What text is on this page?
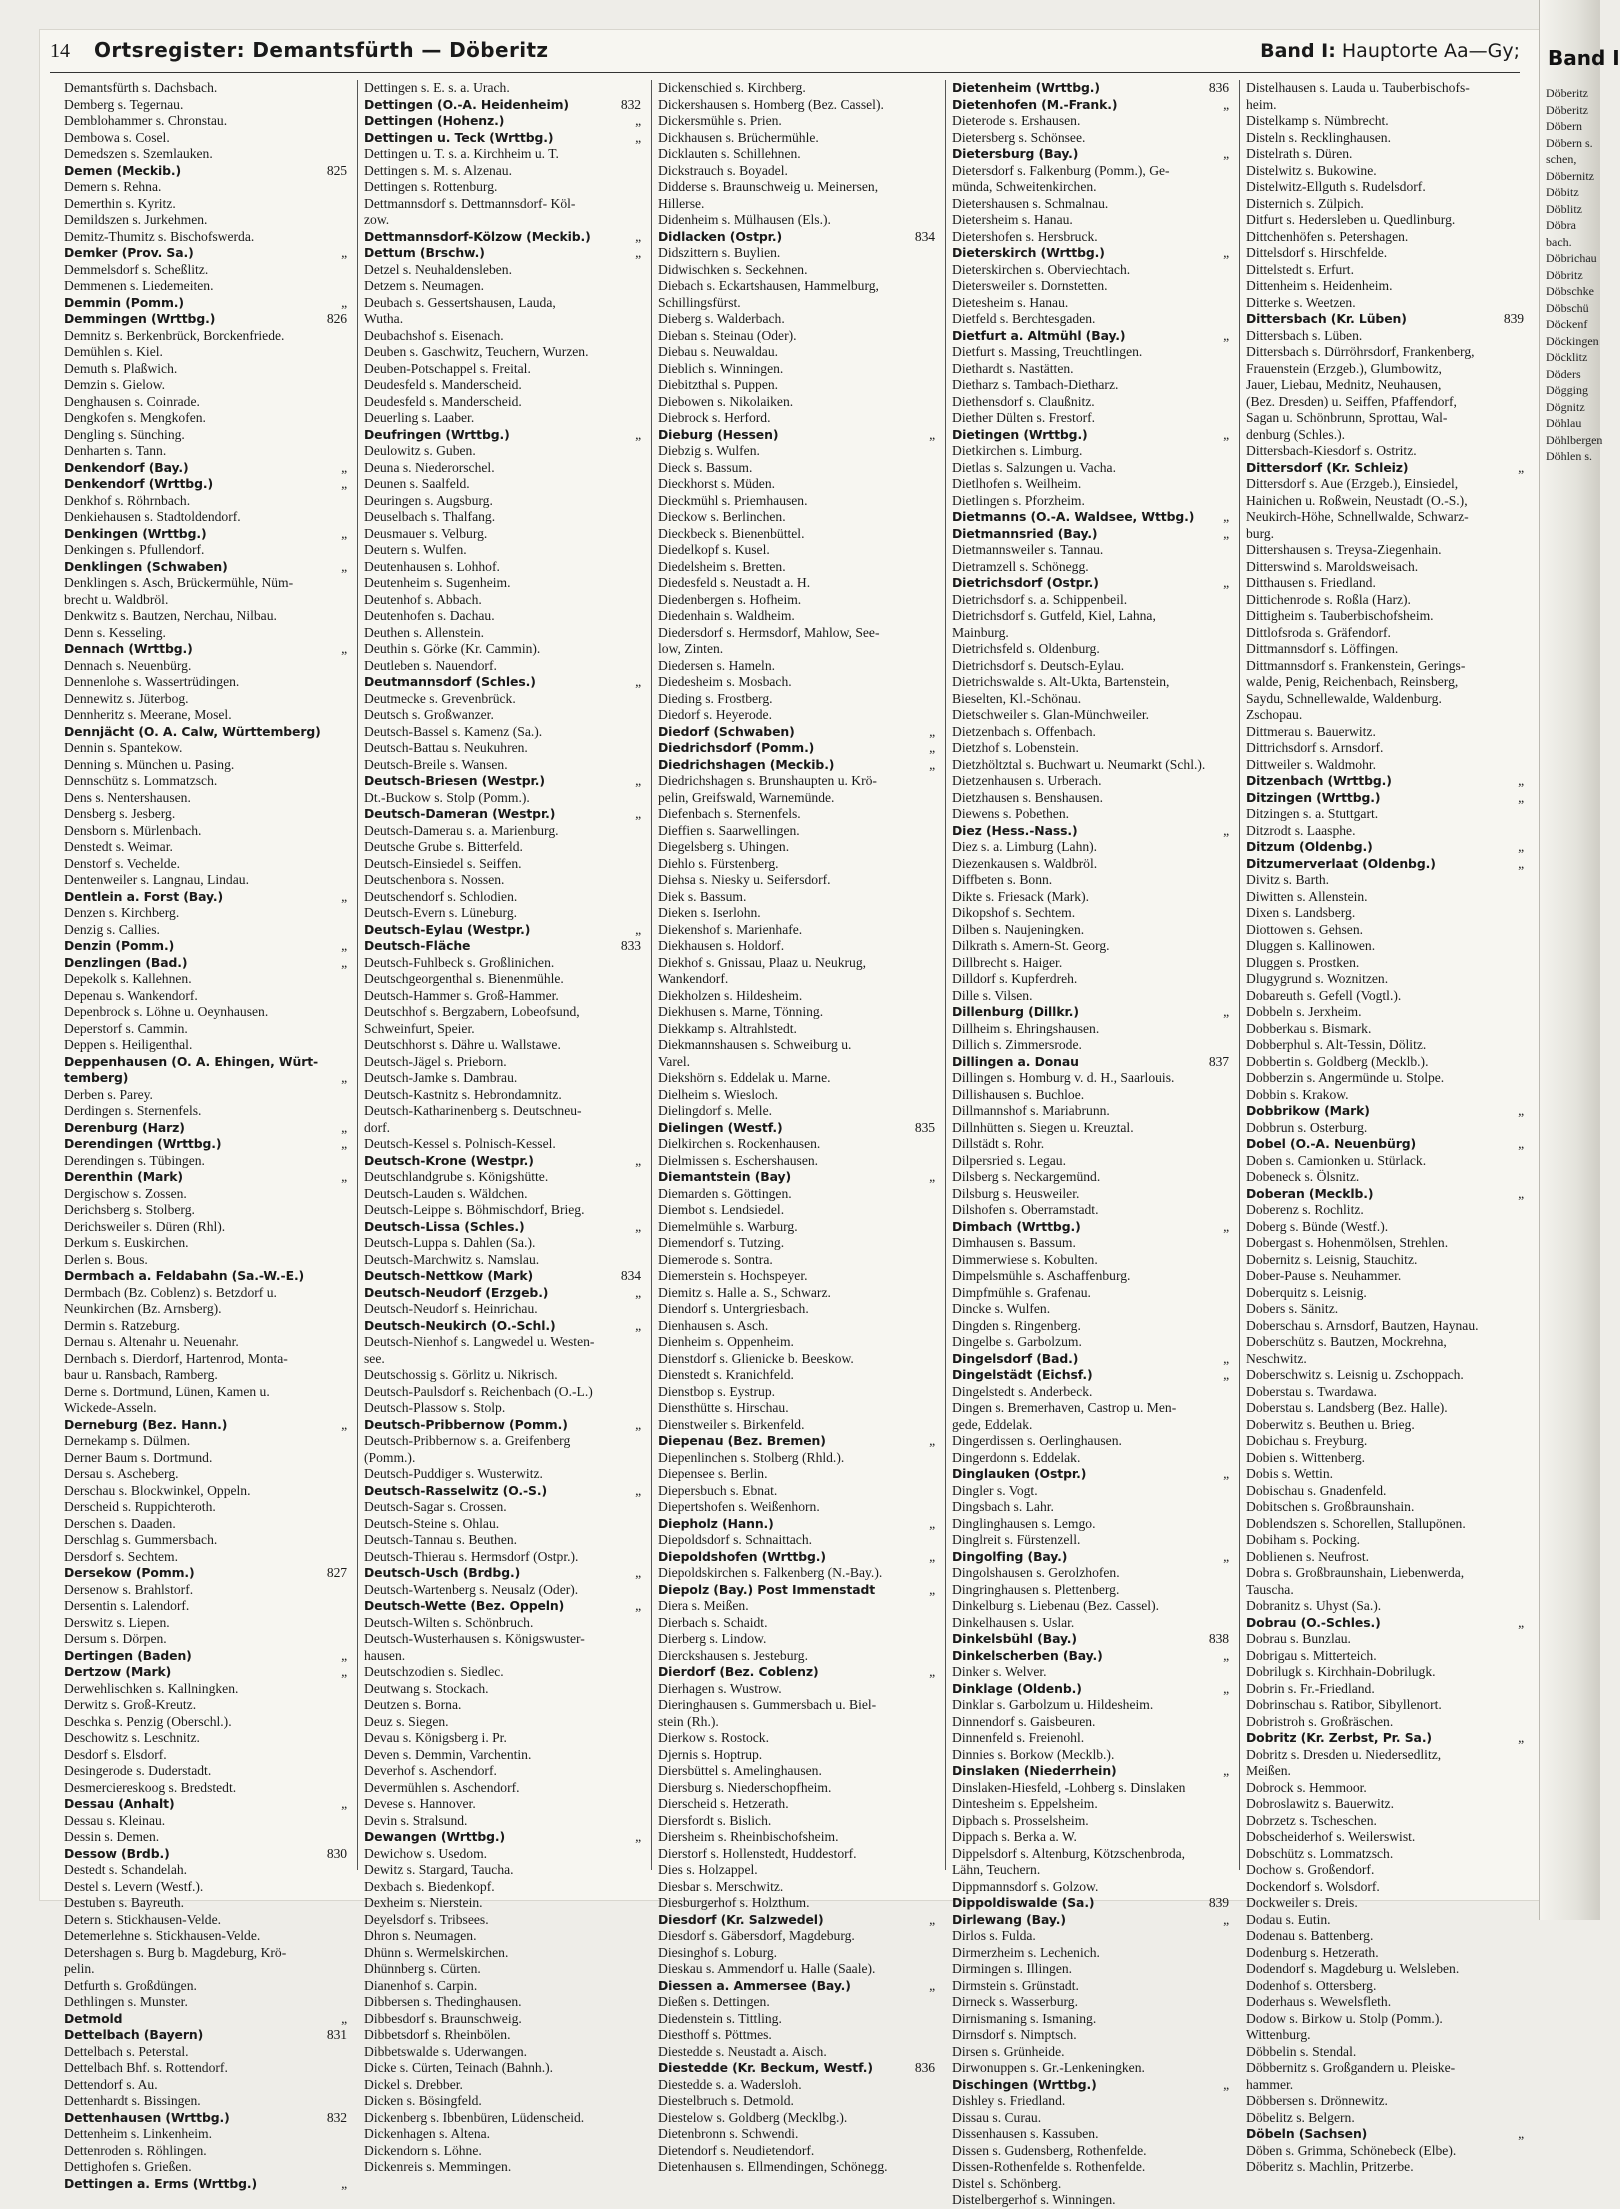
Band I
Döberitz
Döberitz
Döbern
Döbern s.
schen,
Döbernitz
Döbitz
Döblitz
Döbra
bach.
Döbrichau
Döbritz
Döbschke
Döbschü
Döckenf
Döckingen
Döcklitz
Döders
Dögging
Dögnitz
Döhlau
Döhlbergen
Döhlen s.
14	Ortsregister: Demantsfürth — Döberitz	Band I: Hauptorte Aa—Gy;
Demantsfürth s. Dachsbach.
Demberg s. Tegernau.
Demblohammer s. Chronstau.
Dembowa s. Cosel.
Demedszen s. Szemlauken.
825
Demen (Meckib.)
Demern s. Rehna.
Demerthin s. Kyritz.
Demildszen s. Jurkehmen.
Demitz-Thumitz s. Bischofswerda.
„
Demker (Prov. Sa.)
Demmelsdorf s. Scheßlitz.
Demmenen s. Liedemeiten.
„
Demmin (Pomm.)
826
Demmingen (Wrttbg.)
Demnitz s. Berkenbrück, Borckenfriede.
Demühlen s. Kiel.
Demuth s. Plaßwich.
Demzin s. Gielow.
Denghausen s. Coinrade.
Dengkofen s. Mengkofen.
Dengling s. Sünching.
Denharten s. Tann.
„
Denkendorf (Bay.)
„
Denkendorf (Wrttbg.)
Denkhof s. Röhrnbach.
Denkiehausen s. Stadtoldendorf.
„
Denkingen (Wrttbg.)
Denkingen s. Pfullendorf.
„
Denklingen (Schwaben)
Denklingen s. Asch, Brückermühle, Nüm-
brecht u. Waldbröl.
Denkwitz s. Bautzen, Nerchau, Nilbau.
Denn s. Kesseling.
„
Dennach (Wrttbg.)
Dennach s. Neuenbürg.
Dennenlohe s. Wassertrüdingen.
Dennewitz s. Jüterbog.
Dennheritz s. Meerane, Mosel.
Dennjächt (O. A. Calw, Württemberg)
Dennin s. Spantekow.
Denning s. München u. Pasing.
Dennschütz s. Lommatzsch.
Dens s. Nentershausen.
Densberg s. Jesberg.
Densborn s. Mürlenbach.
Denstedt s. Weimar.
Denstorf s. Vechelde.
Dentenweiler s. Langnau, Lindau.
„
Dentlein a. Forst (Bay.)
Denzen s. Kirchberg.
Denzig s. Callies.
„
Denzin (Pomm.)
„
Denzlingen (Bad.)
Depekolk s. Kallehnen.
Depenau s. Wankendorf.
Depenbrock s. Löhne u. Oeynhausen.
Deperstorf s. Cammin.
Deppen s. Heiligenthal.
Deppenhausen (O. A. Ehingen, Würt-
„
temberg)
Derben s. Parey.
Derdingen s. Sternenfels.
„
Derenburg (Harz)
„
Derendingen (Wrttbg.)
Derendingen s. Tübingen.
„
Derenthin (Mark)
Dergischow s. Zossen.
Derichsberg s. Stolberg.
Derichsweiler s. Düren (Rhl).
Derkum s. Euskirchen.
Derlen s. Bous.
Dermbach a. Feldabahn (Sa.-W.-E.)
Dermbach (Bz. Coblenz) s. Betzdorf u.
Neunkirchen (Bz. Arnsberg).
Dermin s. Ratzeburg.
Dernau s. Altenahr u. Neuenahr.
Dernbach s. Dierdorf, Hartenrod, Monta-
baur u. Ransbach, Ramberg.
Derne s. Dortmund, Lünen, Kamen u.
Wickede-Asseln.
„
Derneburg (Bez. Hann.)
Dernekamp s. Dülmen.
Derner Baum s. Dortmund.
Dersau s. Ascheberg.
Derschau s. Blockwinkel, Oppeln.
Derscheid s. Ruppichteroth.
Derschen s. Daaden.
Derschlag s. Gummersbach.
Dersdorf s. Sechtem.
827
Dersekow (Pomm.)
Dersenow s. Brahlstorf.
Dersentin s. Lalendorf.
Derswitz s. Liepen.
Dersum s. Dörpen.
„
Dertingen (Baden)
„
Dertzow (Mark)
Derwehlischken s. Kallningken.
Derwitz s. Groß-Kreutz.
Deschka s. Penzig (Oberschl.).
Deschowitz s. Leschnitz.
Desdorf s. Elsdorf.
Desingerode s. Duderstadt.
Desmerciereskoog s. Bredstedt.
„
Dessau (Anhalt)
Dessau s. Kleinau.
Dessin s. Demen.
830
Dessow (Brdb.)
Destedt s. Schandelah.
Destel s. Levern (Westf.).
Destuben s. Bayreuth.
Detern s. Stickhausen-Velde.
Detemerlehne s. Stickhausen-Velde.
Detershagen s. Burg b. Magdeburg, Krö-
pelin.
Detfurth s. Großdüngen.
Dethlingen s. Munster.
„
Detmold
831
Dettelbach (Bayern)
Dettelbach s. Peterstal.
Dettelbach Bhf. s. Rottendorf.
Dettendorf s. Au.
Dettenhardt s. Bissingen.
832
Dettenhausen (Wrttbg.)
Dettenheim s. Linkenheim.
Dettenroden s. Röhlingen.
Dettighofen s. Grießen.
„
Dettingen a. Erms (Wrttbg.)
Dettingen s. E. s. a. Urach.
832
Dettingen (O.-A. Heidenheim)
„
Dettingen (Hohenz.)
„
Dettingen u. Teck (Wrttbg.)
Dettingen u. T. s. a. Kirchheim u. T.
Dettingen s. M. s. Alzenau.
Dettingen s. Rottenburg.
Dettmannsdorf s. Dettmannsdorf- Köl-
zow.
„
Dettmannsdorf-Kölzow (Meckib.)
„
Dettum (Brschw.)
Detzel s. Neuhaldensleben.
Detzem s. Neumagen.
Deubach s. Gessertshausen, Lauda,
Wutha.
Deubachshof s. Eisenach.
Deuben s. Gaschwitz, Teuchern, Wurzen.
Deuben-Potschappel s. Freital.
Deudesfeld s. Manderscheid.
Deudesfeld s. Manderscheid.
Deuerling s. Laaber.
„
Deufringen (Wrttbg.)
Deulowitz s. Guben.
Deuna s. Niederorschel.
Deunen s. Saalfeld.
Deuringen s. Augsburg.
Deuselbach s. Thalfang.
Deusmauer s. Velburg.
Deutern s. Wulfen.
Deutenhausen s. Lohhof.
Deutenheim s. Sugenheim.
Deutenhof s. Abbach.
Deutenhofen s. Dachau.
Deuthen s. Allenstein.
Deuthin s. Görke (Kr. Cammin).
Deutleben s. Nauendorf.
„
Deutmannsdorf (Schles.)
Deutmecke s. Grevenbrück.
Deutsch s. Großwanzer.
Deutsch-Bassel s. Kamenz (Sa.).
Deutsch-Battau s. Neukuhren.
Deutsch-Breile s. Wansen.
„
Deutsch-Briesen (Westpr.)
Dt.-Buckow s. Stolp (Pomm.).
„
Deutsch-Dameran (Westpr.)
Deutsch-Damerau s. a. Marienburg.
Deutsche Grube s. Bitterfeld.
Deutsch-Einsiedel s. Seiffen.
Deutschenbora s. Nossen.
Deutschendorf s. Schlodien.
Deutsch-Evern s. Lüneburg.
„
Deutsch-Eylau (Westpr.)
833
Deutsch-Fläche
Deutsch-Fuhlbeck s. Großlinichen.
Deutschgeorgenthal s. Bienenmühle.
Deutsch-Hammer s. Groß-Hammer.
Deutschhof s. Bergzabern, Lobeofsund,
Schweinfurt, Speier.
Deutschhorst s. Dähre u. Wallstawe.
Deutsch-Jägel s. Prieborn.
Deutsch-Jamke s. Dambrau.
Deutsch-Kastnitz s. Hebrondamnitz.
Deutsch-Katharinenberg s. Deutschneu-
dorf.
Deutsch-Kessel s. Polnisch-Kessel.
„
Deutsch-Krone (Westpr.)
Deutschlandgrube s. Königshütte.
Deutsch-Lauden s. Wäldchen.
Deutsch-Leippe s. Böhmischdorf, Brieg.
„
Deutsch-Lissa (Schles.)
Deutsch-Luppa s. Dahlen (Sa.).
Deutsch-Marchwitz s. Namslau.
834
Deutsch-Nettkow (Mark)
„
Deutsch-Neudorf (Erzgeb.)
Deutsch-Neudorf s. Heinrichau.
„
Deutsch-Neukirch (O.-Schl.)
Deutsch-Nienhof s. Langwedel u. Westen-
see.
Deutschossig s. Görlitz u. Nikrisch.
Deutsch-Paulsdorf s. Reichenbach (O.-L.)
Deutsch-Plassow s. Stolp.
„
Deutsch-Pribbernow (Pomm.)
Deutsch-Pribbernow s. a. Greifenberg
(Pomm.).
Deutsch-Puddiger s. Wusterwitz.
„
Deutsch-Rasselwitz (O.-S.)
Deutsch-Sagar s. Crossen.
Deutsch-Steine s. Ohlau.
Deutsch-Tannau s. Beuthen.
Deutsch-Thierau s. Hermsdorf (Ostpr.).
„
Deutsch-Usch (Brdbg.)
Deutsch-Wartenberg s. Neusalz (Oder).
„
Deutsch-Wette (Bez. Oppeln)
Deutsch-Wilten s. Schönbruch.
Deutsch-Wusterhausen s. Königswuster-
hausen.
Deutschzodien s. Siedlec.
Deutwang s. Stockach.
Deutzen s. Borna.
Deuz s. Siegen.
Devau s. Königsberg i. Pr.
Deven s. Demmin, Varchentin.
Deverhof s. Aschendorf.
Devermühlen s. Aschendorf.
Devese s. Hannover.
Devin s. Stralsund.
„
Dewangen (Wrttbg.)
Dewichow s. Usedom.
Dewitz s. Stargard, Taucha.
Dexbach s. Biedenkopf.
Dexheim s. Nierstein.
Deyelsdorf s. Tribsees.
Dhron s. Neumagen.
Dhünn s. Wermelskirchen.
Dhünnberg s. Cürten.
Dianenhof s. Carpin.
Dibbersen s. Thedinghausen.
Dibbesdorf s. Braunschweig.
Dibbetsdorf s. Rheinbölen.
Dibbetswalde s. Uderwangen.
Dicke s. Cürten, Teinach (Bahnh.).
Dickel s. Drebber.
Dicken s. Bösingfeld.
Dickenberg s. Ibbenbüren, Lüdenscheid.
Dickenhagen s. Altena.
Dickendorn s. Löhne.
Dickenreis s. Memmingen.
Dickenschied s. Kirchberg.
Dickershausen s. Homberg (Bez. Cassel).
Dickersmühle s. Prien.
Dickhausen s. Brüchermühle.
Dicklauten s. Schillehnen.
Dickstrauch s. Boyadel.
Didderse s. Braunschweig u. Meinersen,
Hillerse.
Didenheim s. Mülhausen (Els.).
834
Didlacken (Ostpr.)
Didszittern s. Buylien.
Didwischken s. Seckehnen.
Diebach s. Eckartshausen, Hammelburg,
Schillingsfürst.
Dieberg s. Walderbach.
Dieban s. Steinau (Oder).
Diebau s. Neuwaldau.
Dieblich s. Winningen.
Diebitzthal s. Puppen.
Diebowen s. Nikolaiken.
Diebrock s. Herford.
„
Dieburg (Hessen)
Diebzig s. Wulfen.
Dieck s. Bassum.
Dieckhorst s. Müden.
Dieckmühl s. Priemhausen.
Dieckow s. Berlinchen.
Dieckbeck s. Bienenbüttel.
Diedelkopf s. Kusel.
Diedelsheim s. Bretten.
Diedesfeld s. Neustadt a. H.
Diedenbergen s. Hofheim.
Diedenhain s. Waldheim.
Diedersdorf s. Hermsdorf, Mahlow, See-
low, Zinten.
Diedersen s. Hameln.
Diedesheim s. Mosbach.
Dieding s. Frostberg.
Diedorf s. Heyerode.
„
Diedorf (Schwaben)
„
Diedrichsdorf (Pomm.)
„
Diedrichshagen (Meckib.)
Diedrichshagen s. Brunshaupten u. Krö-
pelin, Greifswald, Warnemünde.
Diefenbach s. Sternenfels.
Dieffien s. Saarwellingen.
Diegelsberg s. Uhingen.
Diehlo s. Fürstenberg.
Diehsa s. Niesky u. Seifersdorf.
Diek s. Bassum.
Dieken s. Iserlohn.
Diekenshof s. Marienhafe.
Diekhausen s. Holdorf.
Diekhof s. Gnissau, Plaaz u. Neukrug,
Wankendorf.
Diekholzen s. Hildesheim.
Diekhusen s. Marne, Tönning.
Diekkamp s. Altrahlstedt.
Diekmannshausen s. Schweiburg u.
Varel.
Diekshörn s. Eddelak u. Marne.
Dielheim s. Wiesloch.
Dielingdorf s. Melle.
835
Dielingen (Westf.)
Dielkirchen s. Rockenhausen.
Dielmissen s. Eschershausen.
„
Diemantstein (Bay)
Diemarden s. Göttingen.
Diembot s. Lendsiedel.
Diemelmühle s. Warburg.
Diemendorf s. Tutzing.
Diemerode s. Sontra.
Diemerstein s. Hochspeyer.
Diemitz s. Halle a. S., Schwarz.
Diendorf s. Untergriesbach.
Dienhausen s. Asch.
Dienheim s. Oppenheim.
Dienstdorf s. Glienicke b. Beeskow.
Dienstedt s. Kranichfeld.
Dienstbop s. Eystrup.
Diensthütte s. Hirschau.
Dienstweiler s. Birkenfeld.
„
Diepenau (Bez. Bremen)
Diepenlinchen s. Stolberg (Rhld.).
Diepensee s. Berlin.
Diepersbuch s. Ebnat.
Diepertshofen s. Weißenhorn.
„
Diepholz (Hann.)
Diepoldsdorf s. Schnaittach.
„
Diepoldshofen (Wrttbg.)
Diepoldskirchen s. Falkenberg (N.-Bay.).
„
Diepolz (Bay.) Post Immenstadt
Diera s. Meißen.
Dierbach s. Schaidt.
Dierberg s. Lindow.
Dierckshausen s. Jesteburg.
„
Dierdorf (Bez. Coblenz)
Dierhagen s. Wustrow.
Dieringhausen s. Gummersbach u. Biel-
stein (Rh.).
Dierkow s. Rostock.
Djernis s. Hoptrup.
Diersbüttel s. Amelinghausen.
Diersburg s. Niederschopfheim.
Dierscheid s. Hetzerath.
Diersfordt s. Bislich.
Diersheim s. Rheinbischofsheim.
Dierstorf s. Hollenstedt, Huddestorf.
Dies s. Holzappel.
Diesbar s. Merschwitz.
Diesburgerhof s. Holzthum.
„
Diesdorf (Kr. Salzwedel)
Diesdorf s. Gäbersdorf, Magdeburg.
Diesinghof s. Loburg.
Dieskau s. Ammendorf u. Halle (Saale).
„
Diessen a. Ammersee (Bay.)
Dießen s. Dettingen.
Diedenstein s. Tittling.
Diesthoff s. Pöttmes.
Diestedde s. Neustadt a. Aisch.
836
Diestedde (Kr. Beckum, Westf.)
Diestedde s. a. Wadersloh.
Diestelbruch s. Detmold.
Diestelow s. Goldberg (Mecklbg.).
Dietenbronn s. Schwendi.
Dietendorf s. Neudietendorf.
Dietenhausen s. Ellmendingen, Schönegg.
836
Dietenheim (Wrttbg.)
„
Dietenhofen (M.-Frank.)
Dieterode s. Ershausen.
Dietersberg s. Schönsee.
„
Dietersburg (Bay.)
Dietersdorf s. Falkenburg (Pomm.), Ge-
münda, Schweitenkirchen.
Dietershausen s. Schmalnau.
Dietersheim s. Hanau.
Dietershofen s. Hersbruck.
„
Dieterskirch (Wrttbg.)
Dieterskirchen s. Oberviechtach.
Dietersweiler s. Dornstetten.
Dietesheim s. Hanau.
Dietfeld s. Berchtesgaden.
„
Dietfurt a. Altmühl (Bay.)
Dietfurt s. Massing, Treuchtlingen.
Diethardt s. Nastätten.
Dietharz s. Tambach-Dietharz.
Diethensdorf s. Claußnitz.
Diether Dülten s. Frestorf.
„
Dietingen (Wrttbg.)
Dietkirchen s. Limburg.
Dietlas s. Salzungen u. Vacha.
Dietlhofen s. Weilheim.
Dietlingen s. Pforzheim.
„
Dietmanns (O.-A. Waldsee, Wttbg.)
„
Dietmannsried (Bay.)
Dietmannsweiler s. Tannau.
Dietramzell s. Schönegg.
„
Dietrichsdorf (Ostpr.)
Dietrichsdorf s. a. Schippenbeil.
Dietrichsdorf s. Gutfeld, Kiel, Lahna,
Mainburg.
Dietrichsfeld s. Oldenburg.
Dietrichsdorf s. Deutsch-Eylau.
Dietrichswalde s. Alt-Ukta, Bartenstein,
Bieselten, Kl.-Schönau.
Dietschweiler s. Glan-Münchweiler.
Dietzenbach s. Offenbach.
Dietzhof s. Lobenstein.
Dietzhöltztal s. Buchwart u. Neumarkt (Schl.).
Dietzenhausen s. Urberach.
Dietzhausen s. Benshausen.
Diewens s. Pobethen.
„
Diez (Hess.-Nass.)
Diez s. a. Limburg (Lahn).
Diezenkausen s. Waldbröl.
Diffbeten s. Bonn.
Dikte s. Friesack (Mark).
Dikopshof s. Sechtem.
Dilben s. Naujeningken.
Dilkrath s. Amern-St. Georg.
Dillbrecht s. Haiger.
Dilldorf s. Kupferdreh.
Dille s. Vilsen.
„
Dillenburg (Dillkr.)
Dillheim s. Ehringshausen.
Dillich s. Zimmersrode.
837
Dillingen a. Donau
Dillingen s. Homburg v. d. H., Saarlouis.
Dillishausen s. Buchloe.
Dillmannshof s. Mariabrunn.
Dillnhütten s. Siegen u. Kreuztal.
Dillstädt s. Rohr.
Dilpersried s. Legau.
Dilsberg s. Neckargemünd.
Dilsburg s. Heusweiler.
Dilshofen s. Oberramstadt.
„
Dimbach (Wrttbg.)
Dimhausen s. Bassum.
Dimmerwiese s. Kobulten.
Dimpelsmühle s. Aschaffenburg.
Dimpfmühle s. Grafenau.
Dincke s. Wulfen.
Dingden s. Ringenberg.
Dingelbe s. Garbolzum.
„
Dingelsdorf (Bad.)
„
Dingelstädt (Eichsf.)
Dingelstedt s. Anderbeck.
Dingen s. Bremerhaven, Castrop u. Men-
gede, Eddelak.
Dingerdissen s. Oerlinghausen.
Dingerdonn s. Eddelak.
„
Dinglauken (Ostpr.)
Dingler s. Vogt.
Dingsbach s. Lahr.
Dinglinghausen s. Lemgo.
Dinglreit s. Fürstenzell.
„
Dingolfing (Bay.)
Dingolshausen s. Gerolzhofen.
Dingringhausen s. Plettenberg.
Dinkelburg s. Liebenau (Bez. Cassel).
Dinkelhausen s. Uslar.
838
Dinkelsbühl (Bay.)
„
Dinkelscherben (Bay.)
Dinker s. Welver.
„
Dinklage (Oldenb.)
Dinklar s. Garbolzum u. Hildesheim.
Dinnendorf s. Gaisbeuren.
Dinnenfeld s. Freienohl.
Dinnies s. Borkow (Mecklb.).
„
Dinslaken (Niederrhein)
Dinslaken-Hiesfeld, -Lohberg s. Dinslaken
Dintesheim s. Eppelsheim.
Dipbach s. Prosselsheim.
Dippach s. Berka a. W.
Dippelsdorf s. Altenburg, Kötzschenbroda,
Lähn, Teuchern.
Dippmannsdorf s. Golzow.
839
Dippoldiswalde (Sa.)
„
Dirlewang (Bay.)
Dirlos s. Fulda.
Dirmerzheim s. Lechenich.
Dirmingen s. Illingen.
Dirmstein s. Grünstadt.
Dirneck s. Wasserburg.
Dirnismaning s. Ismaning.
Dirnsdorf s. Nimptsch.
Dirsen s. Grünheide.
Dirwonuppen s. Gr.-Lenkeningken.
„
Dischingen (Wrttbg.)
Dishley s. Friedland.
Dissau s. Curau.
Dissenhausen s. Kassuben.
Dissen s. Gudensberg, Rothenfelde.
Dissen-Rothenfelde s. Rothenfelde.
Distel s. Schönberg.
Distelbergerhof s. Winningen.
Distelhausen s. Lauda u. Tauberbischofs-
heim.
Distelkamp s. Nümbrecht.
Disteln s. Recklinghausen.
Distelrath s. Düren.
Distelwitz s. Bukowine.
Distelwitz-Ellguth s. Rudelsdorf.
Disternich s. Zülpich.
Ditfurt s. Hedersleben u. Quedlinburg.
Dittchenhöfen s. Petershagen.
Dittelsdorf s. Hirschfelde.
Dittelstedt s. Erfurt.
Dittenheim s. Heidenheim.
Ditterke s. Weetzen.
839
Dittersbach (Kr. Lüben)
Dittersbach s. Lüben.
Dittersbach s. Dürröhrsdorf, Frankenberg,
Frauenstein (Erzgeb.), Glumbowitz,
Jauer, Liebau, Mednitz, Neuhausen,
(Bez. Dresden) u. Seiffen, Pfaffendorf,
Sagan u. Schönbrunn, Sprottau, Wal-
denburg (Schles.).
Dittersbach-Kiesdorf s. Ostritz.
„
Dittersdorf (Kr. Schleiz)
Dittersdorf s. Aue (Erzgeb.), Einsiedel,
Hainichen u. Roßwein, Neustadt (O.-S.),
Neukirch-Höhe, Schnellwalde, Schwarz-
burg.
Dittershausen s. Treysa-Ziegenhain.
Ditterswind s. Maroldsweisach.
Ditthausen s. Friedland.
Dittichenrode s. Roßla (Harz).
Dittigheim s. Tauberbischofsheim.
Dittlofsroda s. Gräfendorf.
Dittmannsdorf s. Löffingen.
Dittmannsdorf s. Frankenstein, Gerings-
walde, Penig, Reichenbach, Reinsberg,
Saydu, Schnellewalde, Waldenburg.
Zschopau.
Dittmerau s. Bauerwitz.
Dittrichsdorf s. Arnsdorf.
Dittweiler s. Waldmohr.
„
Ditzenbach (Wrttbg.)
„
Ditzingen (Wrttbg.)
Ditzingen s. a. Stuttgart.
Ditzrodt s. Laasphe.
„
Ditzum (Oldenbg.)
„
Ditzumerverlaat (Oldenbg.)
Divitz s. Barth.
Diwitten s. Allenstein.
Dixen s. Landsberg.
Diottowen s. Gehsen.
Dluggen s. Kallinowen.
Dluggen s. Prostken.
Dlugygrund s. Woznitzen.
Dobareuth s. Gefell (Vogtl.).
Dobbeln s. Jerxheim.
Dobberkau s. Bismark.
Dobberphul s. Alt-Tessin, Dölitz.
Dobbertin s. Goldberg (Mecklb.).
Dobberzin s. Angermünde u. Stolpe.
Dobbin s. Krakow.
„
Dobbrikow (Mark)
Dobbrun s. Osterburg.
„
Dobel (O.-A. Neuenbürg)
Doben s. Camionken u. Stürlack.
Dobeneck s. Ölsnitz.
„
Doberan (Mecklb.)
Doberenz s. Rochlitz.
Doberg s. Bünde (Westf.).
Dobergast s. Hohenmölsen, Strehlen.
Dobernitz s. Leisnig, Stauchitz.
Dober-Pause s. Neuhammer.
Doberquitz s. Leisnig.
Dobers s. Sänitz.
Doberschau s. Arnsdorf, Bautzen, Haynau.
Doberschütz s. Bautzen, Mockrehna,
Neschwitz.
Doberschwitz s. Leisnig u. Zschoppach.
Doberstau s. Twardawa.
Doberstau s. Landsberg (Bez. Halle).
Doberwitz s. Beuthen u. Brieg.
Dobichau s. Freyburg.
Dobien s. Wittenberg.
Dobis s. Wettin.
Dobischau s. Gnadenfeld.
Dobitschen s. Großbraunshain.
Doblendszen s. Schorellen, Stallupönen.
Dobiham s. Pocking.
Doblienen s. Neufrost.
Dobra s. Großbraunshain, Liebenwerda,
Tauscha.
Dobranitz s. Uhyst (Sa.).
„
Dobrau (O.-Schles.)
Dobrau s. Bunzlau.
Dobrigau s. Mitterteich.
Dobrilugk s. Kirchhain-Dobrilugk.
Dobrin s. Fr.-Friedland.
Dobrinschau s. Ratibor, Sibyllenort.
Dobristroh s. Großräschen.
„
Dobritz (Kr. Zerbst, Pr. Sa.)
Dobritz s. Dresden u. Niedersedlitz,
Meißen.
Dobrock s. Hemmoor.
Dobroslawitz s. Bauerwitz.
Dobrzetz s. Tscheschen.
Dobscheiderhof s. Weilerswist.
Dobschütz s. Lommatzsch.
Dochow s. Großendorf.
Dockendorf s. Wolsdorf.
Dockweiler s. Dreis.
Dodau s. Eutin.
Dodenau s. Battenberg.
Dodenburg s. Hetzerath.
Dodendorf s. Magdeburg u. Welsleben.
Dodenhof s. Ottersberg.
Doderhaus s. Wewelsfleth.
Dodow s. Birkow u. Stolp (Pomm.).
Wittenburg.
Döbbelin s. Stendal.
Döbbernitz s. Großgandern u. Pleiske-
hammer.
Döbbersen s. Drönnewitz.
Döbelitz s. Belgern.
„
Döbeln (Sachsen)
Döben s. Grimma, Schönebeck (Elbe).
Döberitz s. Machlin, Pritzerbe.
